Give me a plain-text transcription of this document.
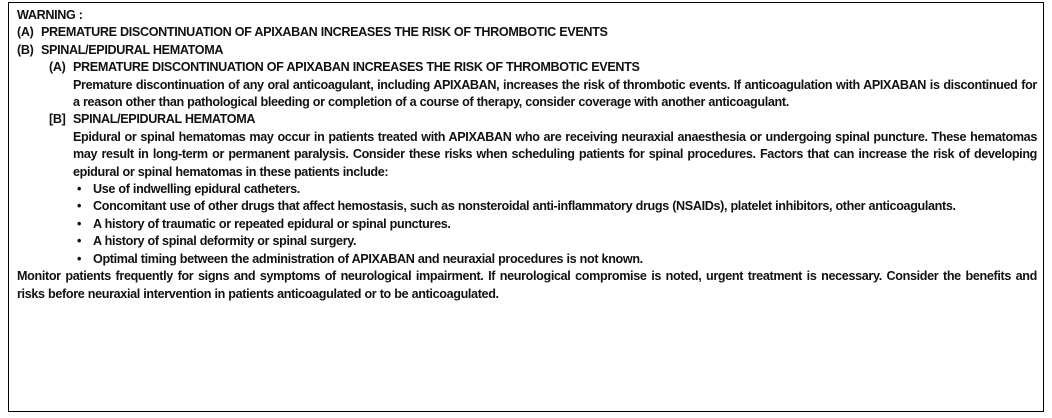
WARNING :
(A) PREMATURE DISCONTINUATION OF APIXABAN INCREASES THE RISK OF THROMBOTIC EVENTS
(B) SPINAL/EPIDURAL HEMATOMA
(A) PREMATURE DISCONTINUATION OF APIXABAN INCREASES THE RISK OF THROMBOTIC EVENTS

Premature discontinuation of any oral anticoagulant, including APIXABAN, increases the risk of thrombotic events. If anticoagulation with APIXABAN is discontinued for a reason other than pathological bleeding or completion of a course of therapy, consider coverage with another anticoagulant.

[B] SPINAL/EPIDURAL HEMATOMA

Epidural or spinal hematomas may occur in patients treated with APIXABAN who are receiving neuraxial anaesthesia or undergoing spinal puncture. These hematomas may result in long-term or permanent paralysis. Consider these risks when scheduling patients for spinal procedures. Factors that can increase the risk of developing epidural or spinal hematomas in these patients include:

• Use of indwelling epidural catheters.
• Concomitant use of other drugs that affect hemostasis, such as nonsteroidal anti-inflammatory drugs (NSAIDs), platelet inhibitors, other anticoagulants.
• A history of traumatic or repeated epidural or spinal punctures.
• A history of spinal deformity or spinal surgery.
• Optimal timing between the administration of APIXABAN and neuraxial procedures is not known.

Monitor patients frequently for signs and symptoms of neurological impairment. If neurological compromise is noted, urgent treatment is necessary. Consider the benefits and risks before neuraxial intervention in patients anticoagulated or to be anticoagulated.
